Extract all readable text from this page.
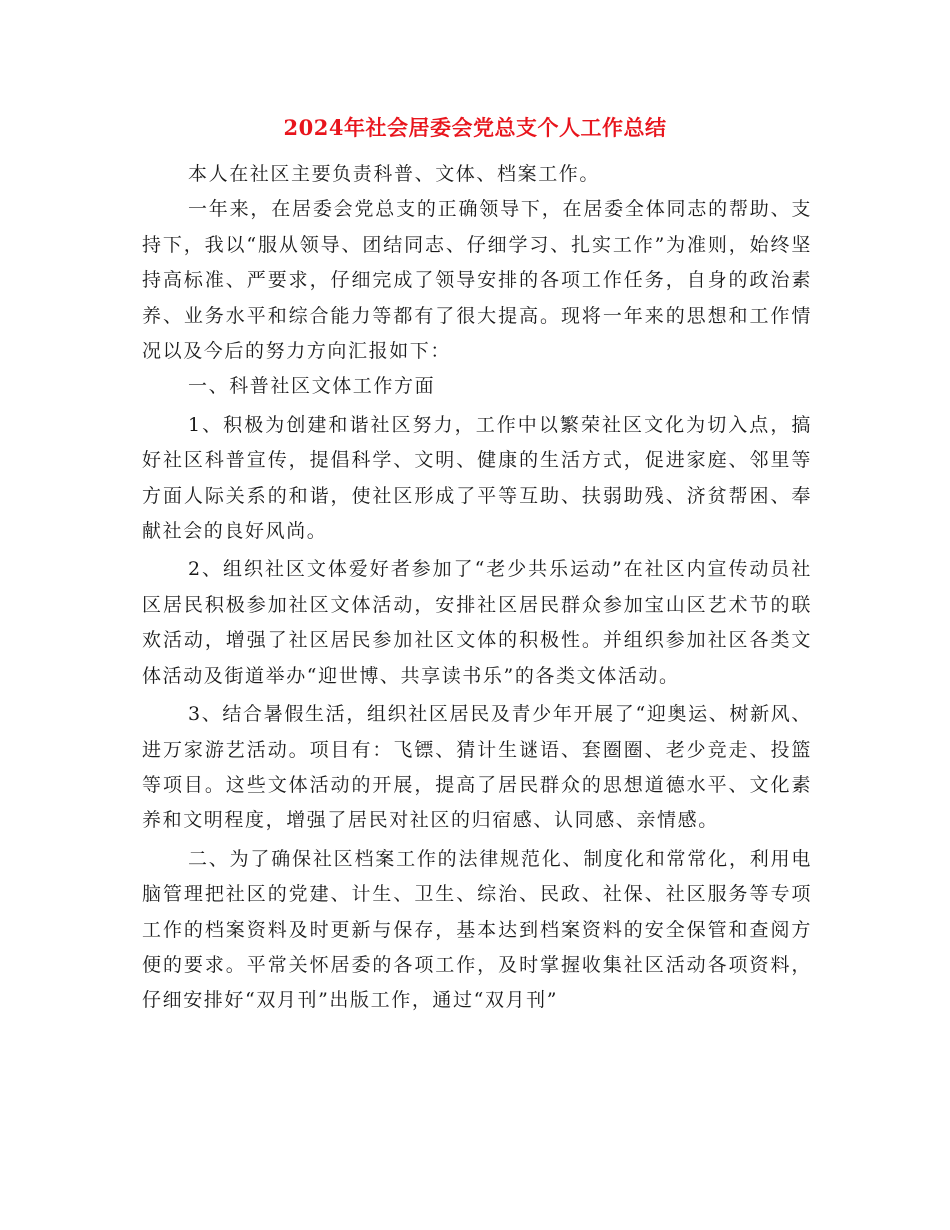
2024年社会居委会党总支个人工作总结

本人在社区主要负责科普、文体、档案工作。

一年来，在居委会党总支的正确领导下，在居委全体同志的帮助、支持下，我以“服从领导、团结同志、仔细学习、扎实工作”为准则，始终坚持高标准、严要求，仔细完成了领导安排的各项工作任务，自身的政治素养、业务水平和综合能力等都有了很大提高。现将一年来的思想和工作情况以及今后的努力方向汇报如下：

一、科普社区文体工作方面

1、积极为创建和谐社区努力，工作中以繁荣社区文化为切入点，搞好社区科普宣传，提倡科学、文明、健康的生活方式，促进家庭、邻里等方面人际关系的和谐，使社区形成了平等互助、扶弱助残、济贫帮困、奉献社会的良好风尚。

2、组织社区文体爱好者参加了“老少共乐运动”在社区内宣传动员社区居民积极参加社区文体活动，安排社区居民群众参加宝山区艺术节的联欢活动，增强了社区居民参加社区文体的积极性。并组织参加社区各类文体活动及街道举办“迎世博、共享读书乐”的各类文体活动。

3、结合暑假生活，组织社区居民及青少年开展了“迎奥运、树新风、进万家游艺活动。项目有：飞镖、猜计生谜语、套圈圈、老少竞走、投篮等项目。这些文体活动的开展，提高了居民群众的思想道德水平、文化素养和文明程度，增强了居民对社区的归宿感、认同感、亲情感。

二、为了确保社区档案工作的法律规范化、制度化和常常化，利用电脑管理把社区的党建、计生、卫生、综治、民政、社保、社区服务等专项工作的档案资料及时更新与保存，基本达到档案资料的安全保管和查阅方便的要求。平常关怀居委的各项工作，及时掌握收集社区活动各项资料，仔细安排好“双月刊”出版工作，通过“双月刊”
